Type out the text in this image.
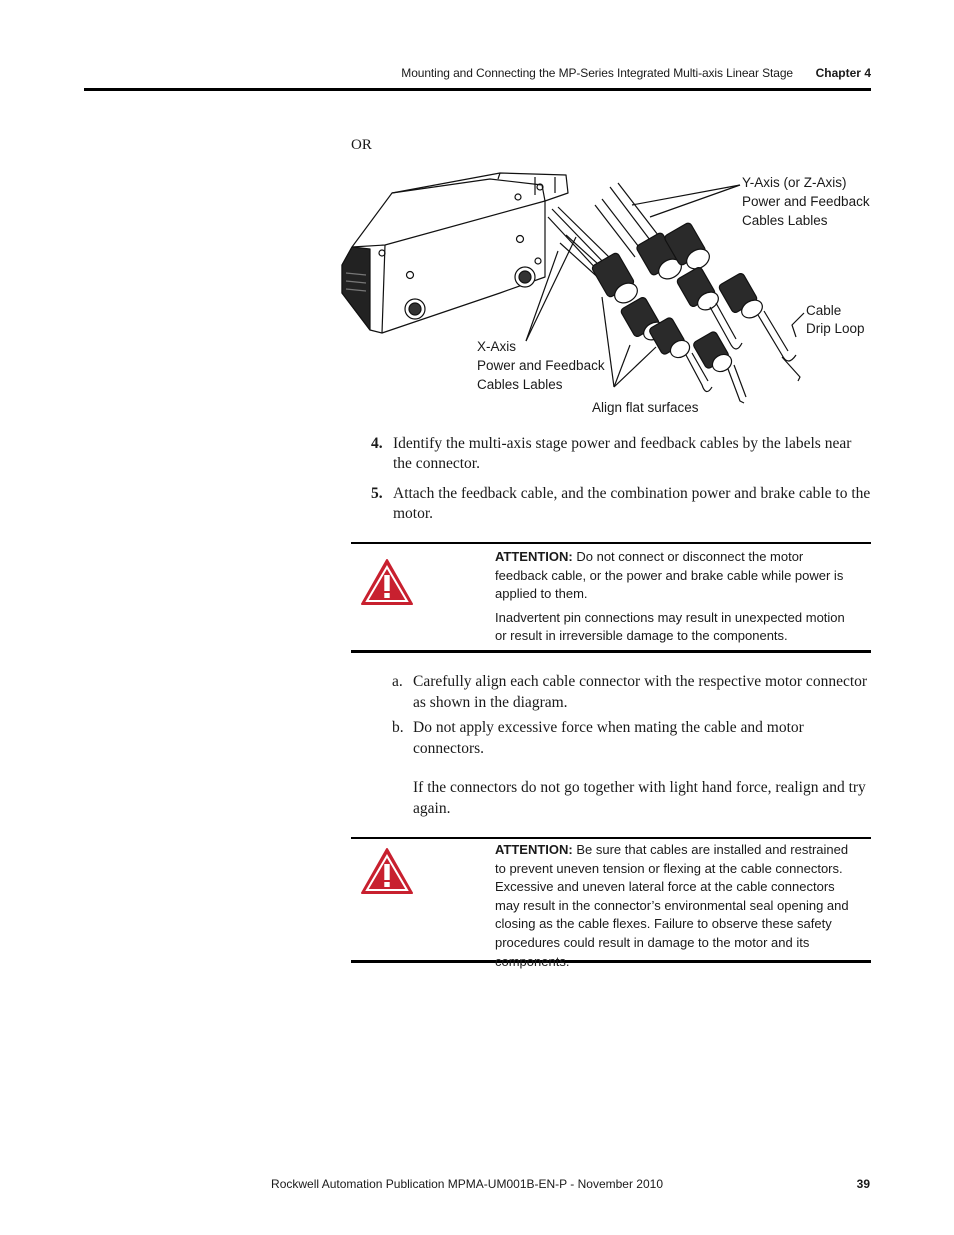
Mounting and Connecting the MP-Series Integrated Multi-axis Linear Stage Chapter 4
OR
Y-Axis (or Z-Axis)
Power and Feedback
Cables Lables
Cable
Drip Loop
X-Axis
Power and Feedback
Cables Lables
Align flat surfaces
4. Identify the multi-axis stage power and feedback cables by the labels near the connector.
5. Attach the feedback cable, and the combination power and brake cable to the motor.

ATTENTION: Do not connect or disconnect the motor feedback cable, or the power and brake cable while power is applied to them.

Inadvertent pin connections may result in unexpected motion or result in irreversible damage to the components.

a. Carefully align each cable connector with the respective motor connector as shown in the diagram.
b. Do not apply excessive force when mating the cable and motor connectors.
If the connectors do not go together with light hand force, realign and try again.

ATTENTION: Be sure that cables are installed and restrained to prevent uneven tension or flexing at the cable connectors. Excessive and uneven lateral force at the cable connectors may result in the connector’s environmental seal opening and closing as the cable flexes. Failure to observe these safety procedures could result in damage to the motor and its components.

Rockwell Automation Publication MPMA-UM001B-EN-P - November 2010	39
